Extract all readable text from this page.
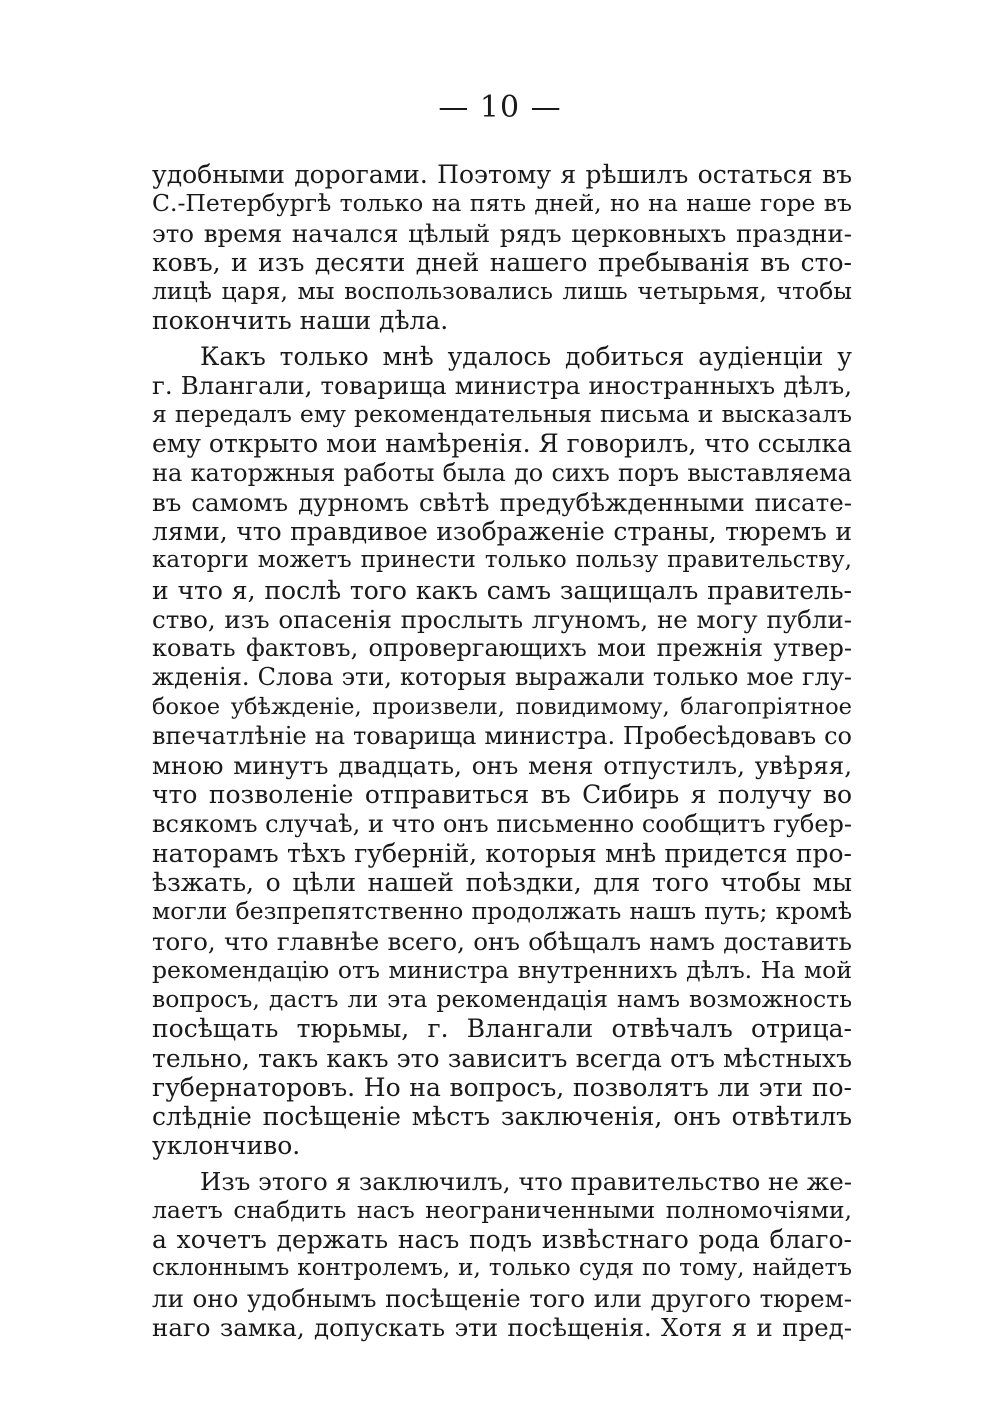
— 10 —
удобными дорогами. Поэтому я рѣшилъ остаться въ
С.-Петербургѣ только на пять дней, но на наше горе въ
это время начался цѣлый рядъ церковныхъ праздни-
ковъ, и изъ десяти дней нашего пребыванія въ сто-
лицѣ царя, мы воспользовались лишь четырьмя, чтобы
покончить наши дѣла.
Какъ только мнѣ удалось добиться аудіенціи у
г. Влангали, товарища министра иностранныхъ дѣлъ,
я передалъ ему рекомендательныя письма и высказалъ
ему открыто мои намѣренія. Я говорилъ, что ссылка
на каторжныя работы была до сихъ поръ выставляема
въ самомъ дурномъ свѣтѣ предубѣжденными писате-
лями, что правдивое изображеніе страны, тюремъ и
каторги можетъ принести только пользу правительству,
и что я, послѣ того какъ самъ защищалъ правитель-
ство, изъ опасенія прослыть лгуномъ, не могу публи-
ковать фактовъ, опровергающихъ мои прежнія утвер-
жденія. Слова эти, которыя выражали только мое глу-
бокое убѣжденіе, произвели, повидимому, благопріятное
впечатлѣніе на товарища министра. Пробесѣдовавъ со
мною минутъ двадцать, онъ меня отпустилъ, увѣряя,
что позволеніе отправиться въ Сибирь я получу во
всякомъ случаѣ, и что онъ письменно сообщитъ губер-
наторамъ тѣхъ губерній, которыя мнѣ придется про-
ѣзжать, о цѣли нашей поѣздки, для того чтобы мы
могли безпрепятственно продолжать нашъ путь; кромѣ
того, что главнѣе всего, онъ обѣщалъ намъ доставить
рекомендацію отъ министра внутреннихъ дѣлъ. На мой
вопросъ, дастъ ли эта рекомендація намъ возможность
посѣщать тюрьмы, г. Влангали отвѣчалъ отрица-
тельно, такъ какъ это зависитъ всегда отъ мѣстныхъ
губернаторовъ. Но на вопросъ, позволятъ ли эти по-
слѣдніе посѣщеніе мѣстъ заключенія, онъ отвѣтилъ
уклончиво.
Изъ этого я заключилъ, что правительство не же-
лаетъ снабдить насъ неограниченными полномочіями,
а хочетъ держать насъ подъ извѣстнаго рода благо-
склоннымъ контролемъ, и, только судя по тому, найдетъ
ли оно удобнымъ посѣщеніе того или другого тюрем-
наго замка, допускать эти посѣщенія. Хотя я и пред-
